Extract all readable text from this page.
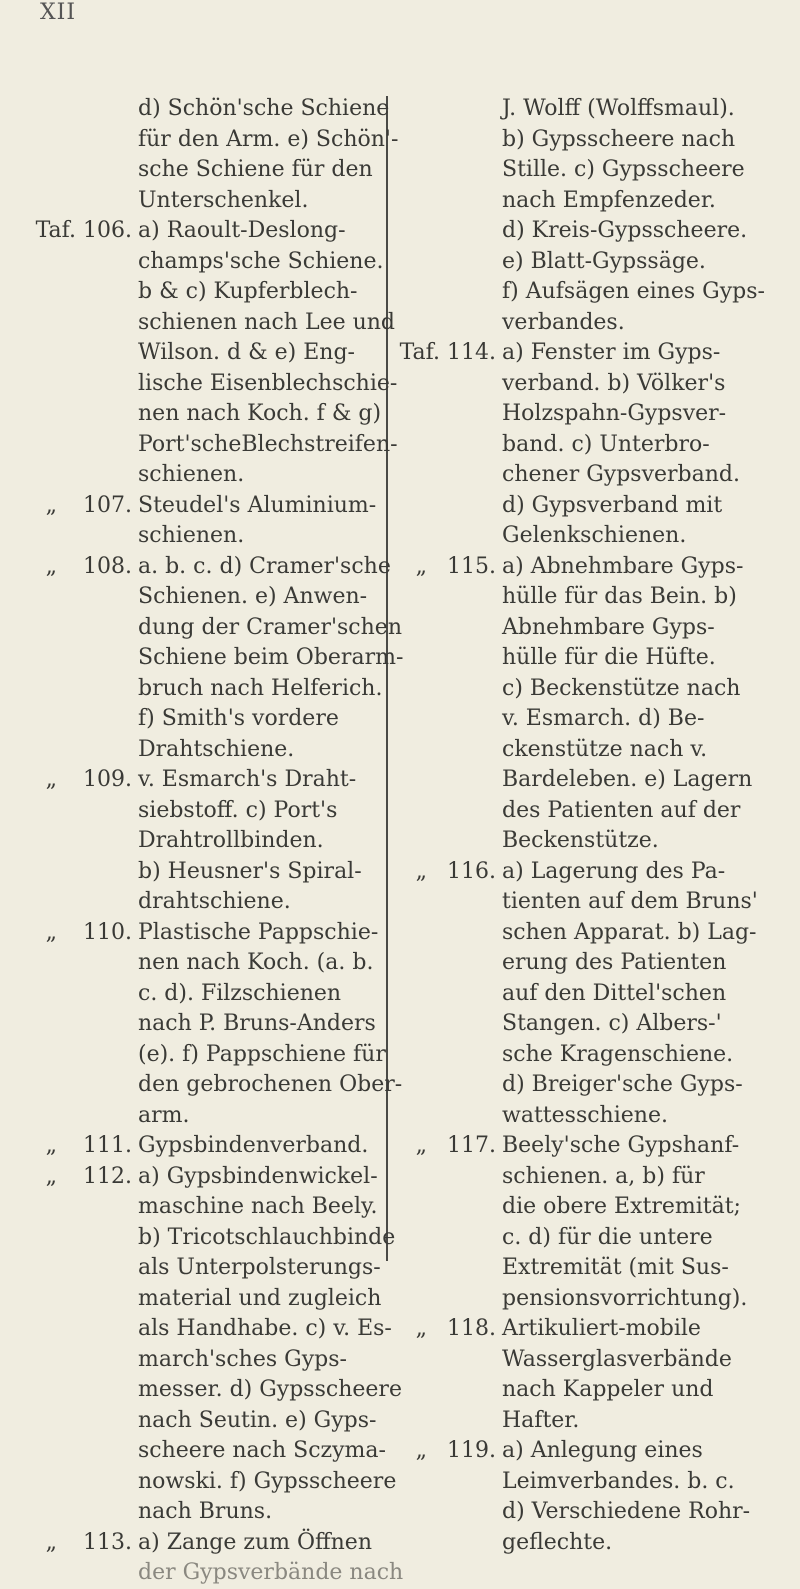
XII
d) Schön'sche Schiene
für den Arm. e) Schön'-
sche Schiene für den
Unterschenkel.
Taf. 106. a) Raoult-Deslong-
champs'sche Schiene.
b & c) Kupferblech-
schienen nach Lee und
Wilson. d & e) Eng-
lische Eisenblechschie-
nen nach Koch. f & g)
Port'scheBlechstreifen-
schienen.
„ 107. Steudel's Aluminium-
schienen.
„ 108. a. b. c. d) Cramer'sche
Schienen. e) Anwen-
dung der Cramer'schen
Schiene beim Oberarm-
bruch nach Helferich.
f) Smith's vordere
Drahtschiene.
„ 109. v. Esmarch's Draht-
siebstoff. c) Port's
Drahtrollbinden.
b) Heusner's Spiral-
drahtschiene.
„ 110. Plastische Pappschie-
nen nach Koch. (a. b.
c. d). Filzschienen
nach P. Bruns-Anders
(e). f) Pappschiene für
den gebrochenen Ober-
arm.
„ 111. Gypsbindenverband.
„ 112. a) Gypsbindenwickel-
maschine nach Beely.
b) Tricotschlauchbinde
als Unterpolsterungs-
material und zugleich
als Handhabe. c) v. Es-
march'sches Gyps-
messer. d) Gypsscheere
nach Seutin. e) Gyps-
scheere nach Sczyma-
nowski. f) Gypsscheere
nach Bruns.
„ 113. a) Zange zum Öffnen
der Gypsverbände nach
J. Wolff (Wolffsmaul).
b) Gypsscheere nach
Stille. c) Gypsscheere
nach Empfenzeder.
d) Kreis-Gypsscheere.
e) Blatt-Gypssäge.
f) Aufsägen eines Gyps-
verbandes.
Taf. 114. a) Fenster im Gyps-
verband. b) Völker's
Holzspahn-Gypsver-
band. c) Unterbro-
chener Gypsverband.
d) Gypsverband mit
Gelenkschienen.
„ 115. a) Abnehmbare Gyps-
hülle für das Bein. b)
Abnehmbare Gyps-
hülle für die Hüfte.
c) Beckenstütze nach
v. Esmarch. d) Be-
ckenstütze nach v.
Bardeleben. e) Lagern
des Patienten auf der
Beckenstütze.
„ 116. a) Lagerung des Pa-
tienten auf dem Bruns'
schen Apparat. b) Lag-
erung des Patienten
auf den Dittel'schen
Stangen. c) Albers-'
sche Kragenschiene.
d) Breiger'sche Gyps-
wattesschiene.
„ 117. Beely'sche Gypshanf-
schienen. a, b) für
die obere Extremität;
c. d) für die untere
Extremität (mit Sus-
pensionsvorrichtung).
„ 118. Artikuliert-mobile
Wasserglasverbände
nach Kappeler und
Hafter.
„ 119. a) Anlegung eines
Leimverbandes. b. c.
d) Verschiedene Rohr-
geflechte.
